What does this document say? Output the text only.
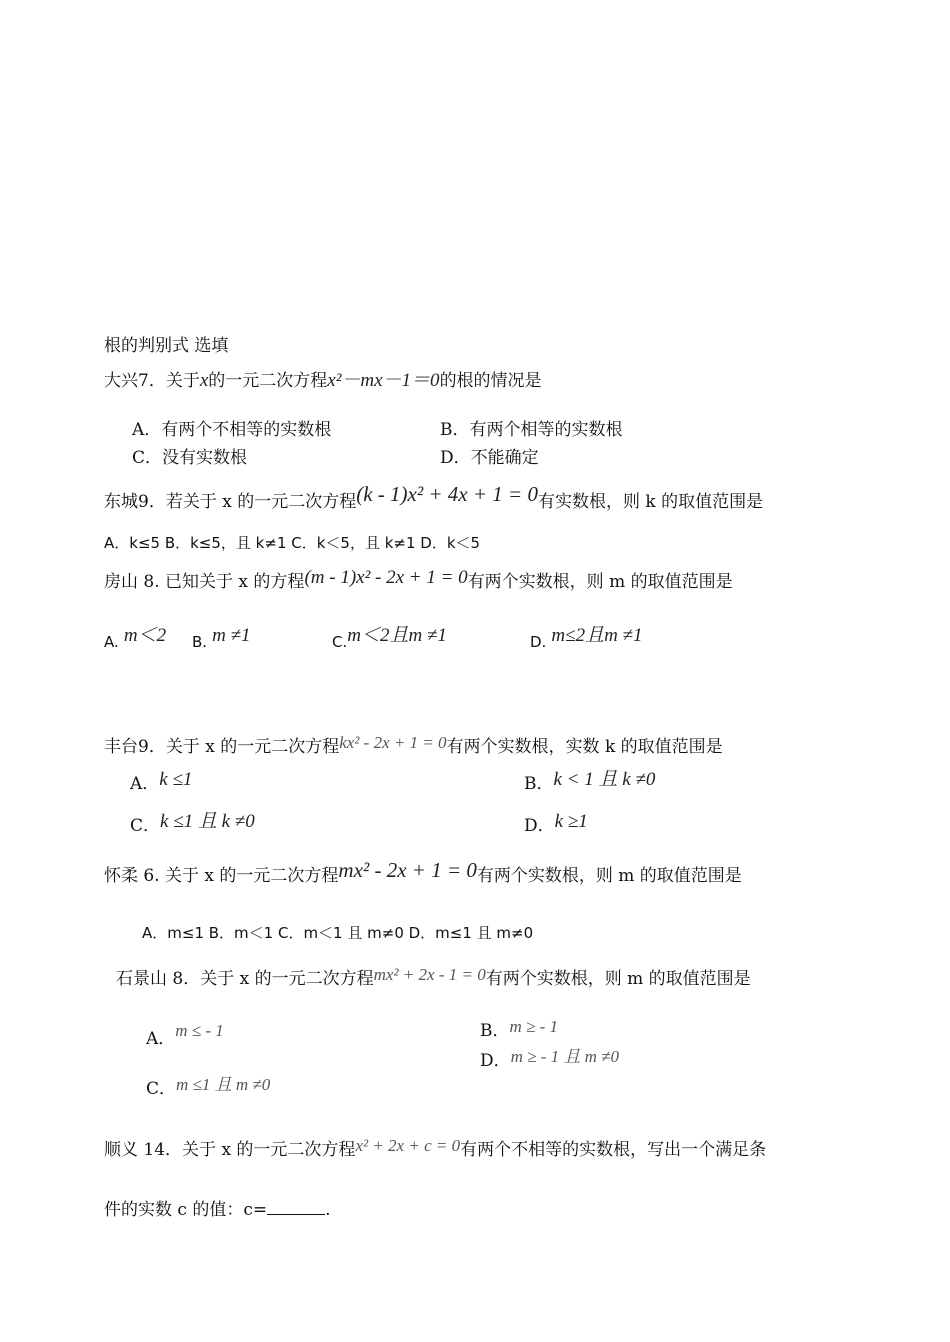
根的判别式 选填
大兴7．关于x的一元二次方程x²－mx－1＝0的根的情况是
A．有两个不相等的实数根	B．有两个相等的实数根
C．没有实数根	D．不能确定
东城9．若关于 x 的一元二次方程(k - 1)x² + 4x + 1 = 0有实数根，则 k 的取值范围是
A．k≤5 B．k≤5，且 k≠1 C．k＜5，且 k≠1 D．k＜5
房山 8. 已知关于 x 的方程(m - 1)x² - 2x + 1 = 0有两个实数根，则 m 的取值范围是
A. m＜2 B. m ≠1	C.m＜2且m ≠1	D. m≤2且m ≠1
丰台9．关于 x 的一元二次方程kx² - 2x + 1 = 0有两个实数根，实数 k 的取值范围是
A．k ≤1	B．k < 1 且 k ≠0
C．k ≤1 且 k ≠0	D．k ≥1
怀柔 6. 关于 x 的一元二次方程mx² - 2x + 1 = 0有两个实数根，则 m 的取值范围是
A．m≤1 B．m＜1 C．m＜1 且 m≠0 D．m≤1 且 m≠0
石景山 8．关于 x 的一元二次方程mx² + 2x - 1 = 0有两个实数根，则 m 的取值范围是
A．m ≤ - 1	B．m ≥ - 1
C．m ≤1 且 m ≠0
D．m ≥ - 1 且 m ≠0
顺义 14．关于 x 的一元二次方程x² + 2x + c = 0有两个不相等的实数根，写出一个满足条
件的实数 c 的值：c=	.
